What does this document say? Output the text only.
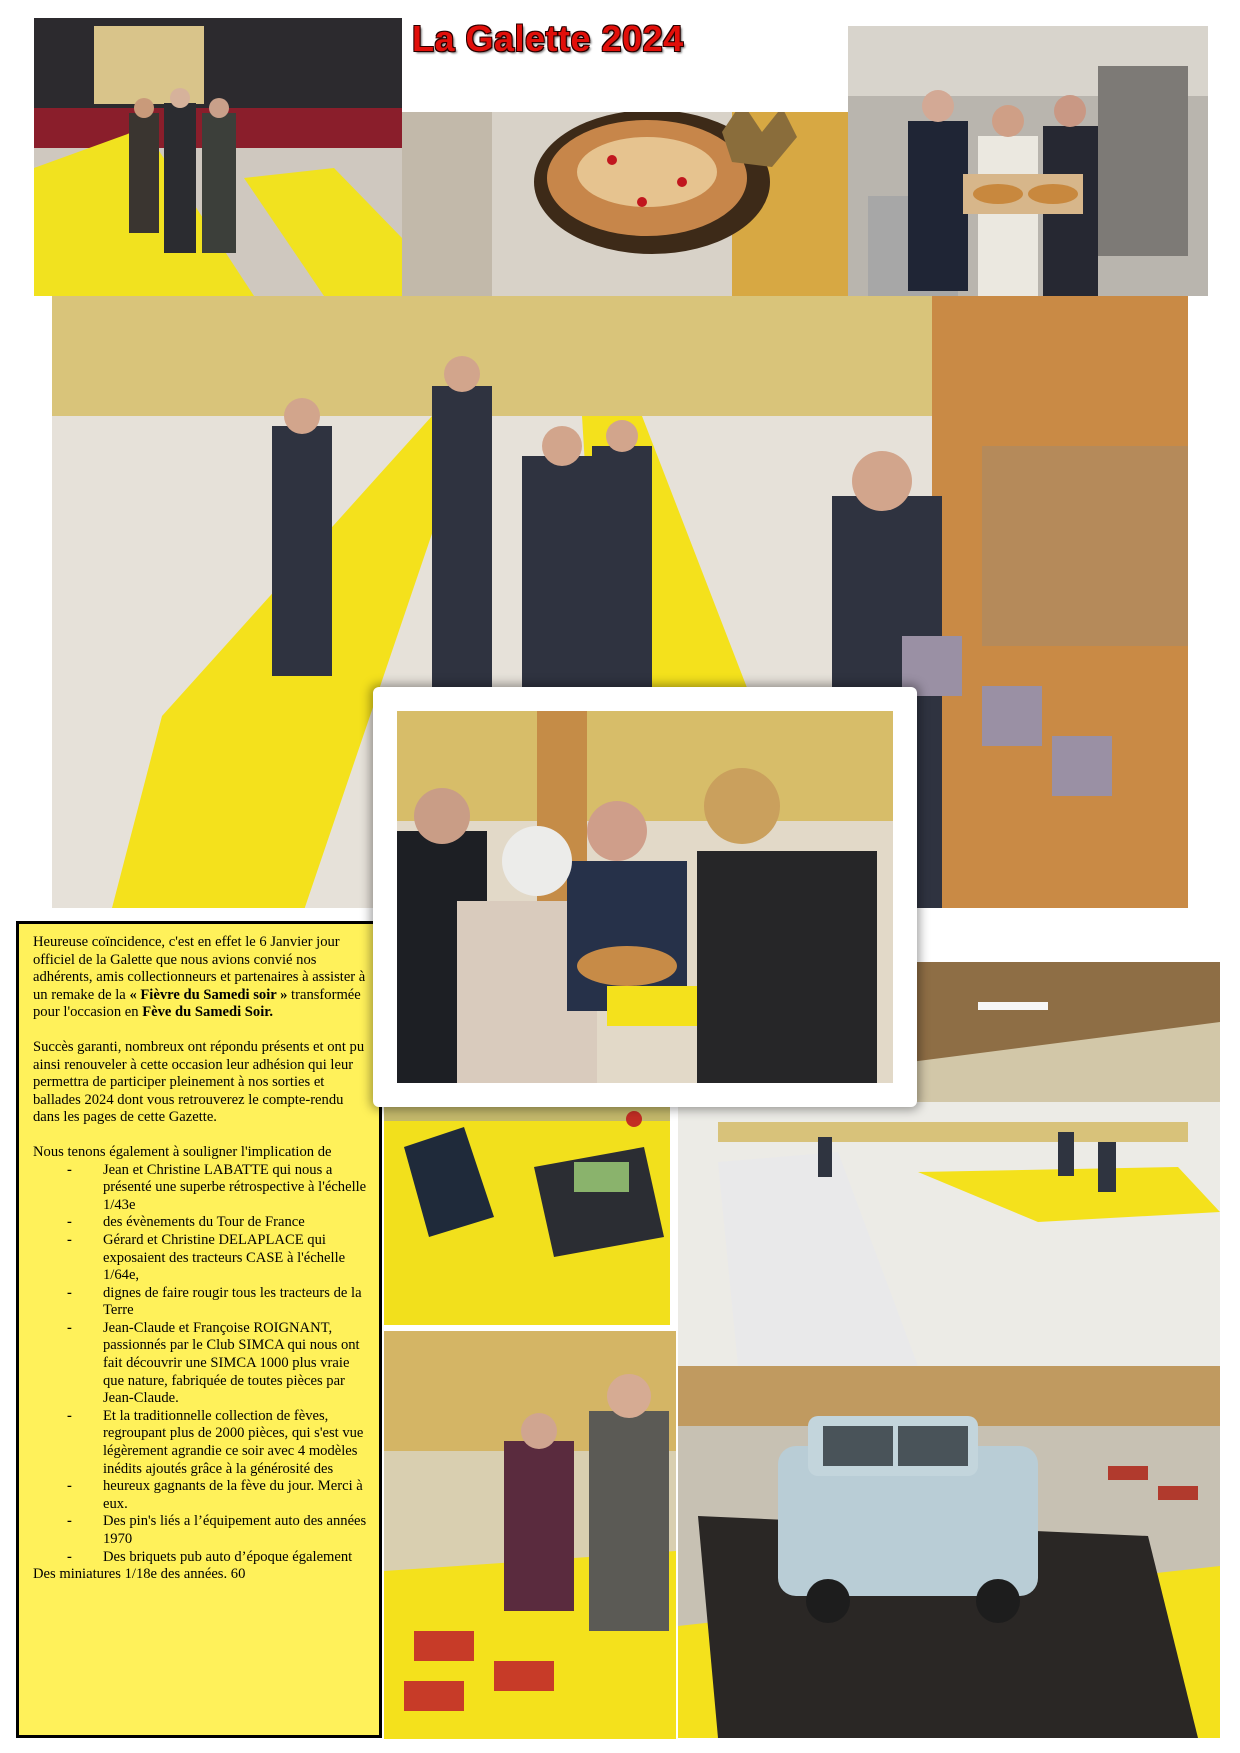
Heureuse coïncidence, c'est en effet le 6 Janvier jour officiel de la Galette que nous avions convié nos adhérents, amis collectionneurs et partenaires à assister à un remake de la « Fièvre du Samedi soir » transformée pour l'occasion en Fève du Samedi Soir.

Succès garanti, nombreux ont répondu présents et ont pu ainsi renouveler à cette occasion leur adhésion qui leur permettra de participer pleinement à nos sorties et ballades 2024 dont vous retrouverez le compte-rendu dans les pages de cette Gazette.

Nous tenons également à souligner l'implication de

- Jean et Christine LABATTE qui nous a présenté une superbe rétrospective à l'échelle 1/43e
- des évènements du Tour de France
- Gérard et Christine DELAPLACE qui exposaient des tracteurs CASE à l'échelle 1/64e,
- dignes de faire rougir tous les tracteurs de la Terre
- Jean-Claude et Françoise ROIGNANT, passionnés par le Club SIMCA qui nous ont fait découvrir une SIMCA 1000 plus vraie que nature, fabriquée de toutes pièces par Jean-Claude.
- Et la traditionnelle collection de fèves, regroupant plus de 2000 pièces, qui s'est vue légèrement agrandie ce soir avec 4 modèles inédits ajoutés grâce à la générosité des
- heureux gagnants de la fève du jour. Merci à eux.
- Des pin's liés a l’équipement auto des années 1970
- Des briquets pub auto d’époque également

Des miniatures 1/18e des années. 60

La Galette 2024
